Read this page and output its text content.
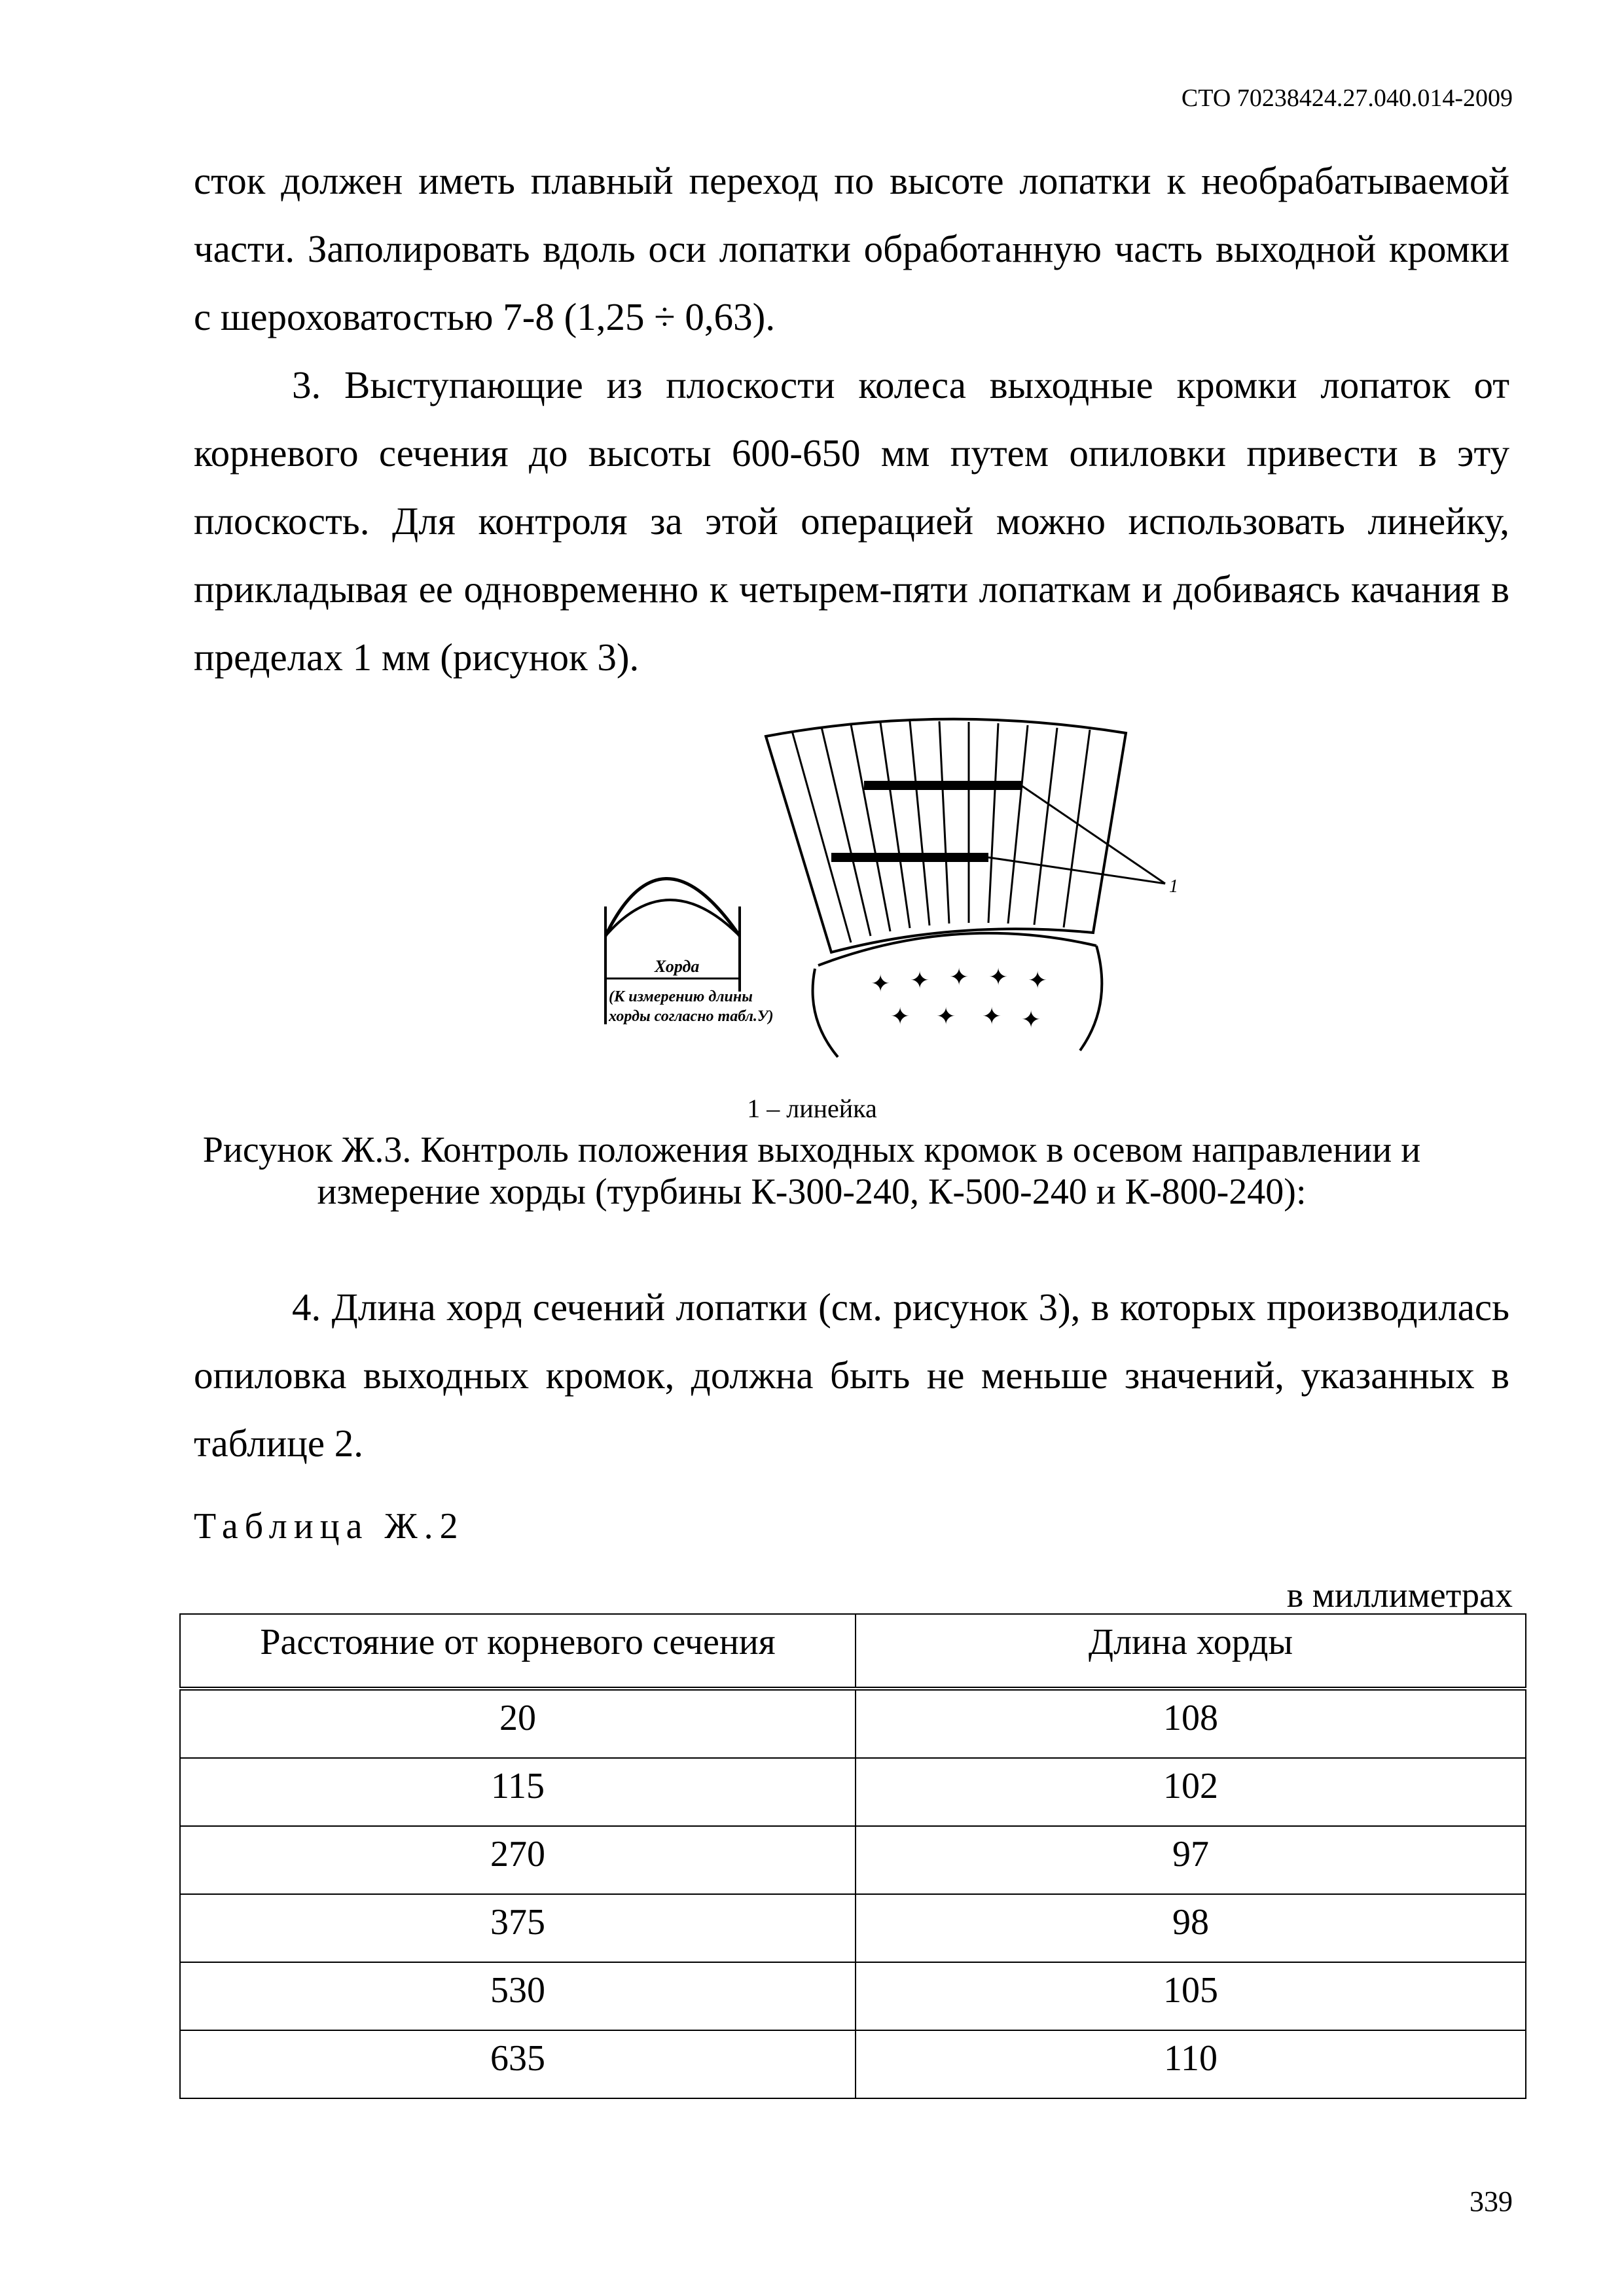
СТО 70238424.27.040.014-2009

сток должен иметь плавный переход по высоте лопатки к необрабатываемой части. Заполировать вдоль оси лопатки обработанную часть выходной кромки с шероховатостью 7-8 (1,25 ÷ 0,63).

3. Выступающие из плоскости колеса выходные кромки лопаток от корневого сечения до высоты 600-650 мм путем опиловки привести в эту плоскость. Для контроля за этой операцией можно использовать линейку, прикладывая ее одновременно к четырем-пяти лопаткам и добиваясь качания в пределах 1 мм (рисунок 3).

1
✦ ✦ ✦ ✦ ✦
✦ ✦ ✦ ✦
Хорда
(К измерению длины
хорды согласно табл.У)
1 – линейка
Рисунок Ж.3. Контроль положения выходных кромок в осевом направлении и измерение хорды (турбины К-300-240, К-500-240 и К-800-240):

4. Длина хорд сечений лопатки (см. рисунок 3), в которых производилась опиловка выходных кромок, должна быть не меньше значений, указанных в таблице 2.

Таблица Ж.2
в миллиметрах
Расстояние от корневого сечения	Длина хорды
20	108
115	102
270	97
375	98
530	105
635	110
339
